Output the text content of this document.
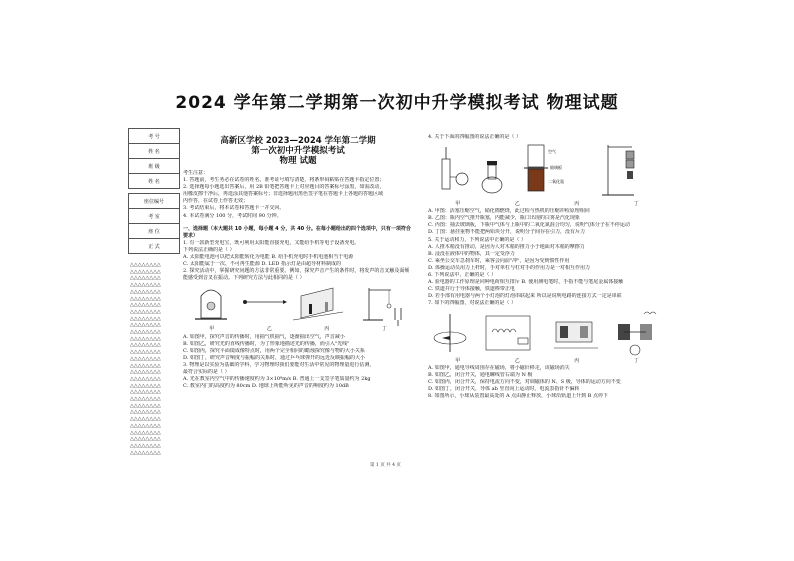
2024 学年第二学期第一次初中升学模拟考试 物理试题
考 号
姓 名
班 级
姓 名

座位编号
考 室
座 位
正 式
△△△△△△△△
△△△△△△△△
△△△△△△△△
△△△△△△△△
△△△△△△△△
△△△△△△△△
△△△△△△△△
△△△△△△△△
△△△△△△△△
△△△△△△△△
△△△△△△△△
△△△△△△△△
△△△△△△△△
△△△△△△△△
△△△△△△△△
△△△△△△△△
△△△△△△△△
△△△△△△△△
△△△△△△△△
△△△△△△△△
△△△△△△△△
△△△△△△△△
△△△△△△△△
△△△△△△△△
△△△△△△△△
△△△△△△△△
△△△△△△△△
△△△△△△△△
△△△△△△△△
高新区学校 2023—2024 学年第二学期
第一次初中升学模拟考试
物理 试题

考生注意：

1. 答题前，考生务必在试卷的姓名、准考证号填写清楚，将条形码粘贴在答题卡指定位置；

2. 选择题每小题选出答案后，用 2B 铅笔把答题卡上对应题目的答案标号涂黑，如需改动，

用橡皮擦干净后，再选涂其他答案标号；非选择题用黑色签字笔在答题卡上各题的答题区域

内作答，在试卷上作答无效；

3. 考试结束后，将本试卷和答题卡一并交回。

4. 本试卷满分 100 分，考试时间 90 分钟。

一、选择题（本大题共 10 小题，每小题 4 分，共 40 分。在每小题给出的四个选项中，只有一项符合要求）

1. 有一款新型充电宝，既可利用太阳能直接充电，又能给手机等电子设备充电。

下列说法正确的是（ ）

A. 太阳能电池可以把太阳能转化为电能 B. 给手机充电时手机电池相当于电源

C. 太阳能属于一次、不可再生能源 D. LED 指示灯是由超导材料制成的

2. 探究活动中，掌握研究问题的方法非常重要。例如，探究声音产生的条件时，将发声的音叉触及面颊能感受到音叉在振动。下列研究方法与此相同的是（ ）

甲	乙	丙	丁

A. 如图甲，探究声音的传播时，用抽气机抽气，逐渐抽出空气，声音减小

B. 如图乙，研究光的直线传播时，为了形象地描述光的传播，而引入"光线"

C. 如图丙，探究平面镜成像特点时，用两个完全相同的蜡烛探究像与物的大小关系

D. 如图丁，研究声音响度与振幅的关系时，通过乒乓球弹开的远近反映振幅的大小

3. 物理是以实验为基础的学科，学习物理时我们要能对生活中常见的物理量进行估测，

最符合实际的是（ ）

A. 光在教室内空气中的传播速度约为 3×10⁸m/s B. 普通上一支签字笔质量约为 2kg

C. 教室内门的高度约为 80cm D. 地球上所能听见的声音的响度约为 10dB

4. 关于下面的四幅图的说法正确的是（ ）

空气
玻璃板
二氧化氮
甲	乙	丙	丁

A. 甲图：活塞压缩空气，硝化棉燃烧，此过程与热机的压缩冲程原理相同

B. 乙图：瓶内空气推开瓶塞，内能减少，瓶口出现的白雾是汽化现象

C. 丙图：抽去玻璃板，下瓶中气体与上瓶中的二氧化氮混合均匀，说明气体分子在不停运动

D. 丁图：悬挂重物不能把两铅块分开，说明分子间存在引力，没有斥力

5. 关于运动和力，下列说法中正确的是（ ）

A. 人推木箱没有推动，是因为人对木箱的推力小于地面对木箱的摩擦力

B. 浸没在液体中的物体，其一定受浮力

C. 乘坐公交车急刹车时，乘客会向前"冲"，是因为受到惯性作用

D. 体操运动员用力上杆时，手对单杠与杠对手的作用力是一对相互作用力

6. 下列说法中，正确的是（ ）

A. 验电器的工作原理是同种电荷相互排斥 B. 使用测电笔时，手指不能与笔尾金属体接触

C. 铁道并行于导体接触，铁道棒带正电

D. 若手部有用电器与两个小灯泡的灯泡串联起来 所以是说明电路的连接方式一定是串联

7. 如下的四幅图，对说法正确的是（ ）

甲	乙	丙	丁

A. 如图甲，通电导线周围存在磁场，将小磁针移走，该磁场消失

B. 如图乙，闭合开关，通电螺线管右端为 N 极

C. 如图丙，闭合开关，保持电流方向不变，对调磁体的 N、S 极，导体的运动方向不变

D. 如图丁，闭合开关，导体 ab 竖直向上运动时，电流表指针不偏转

8. 如图所示，小球从装置最高处的 A 点由静止释放，小球沿轨道上升到 B 点停下

第 1 页 共 4 页
